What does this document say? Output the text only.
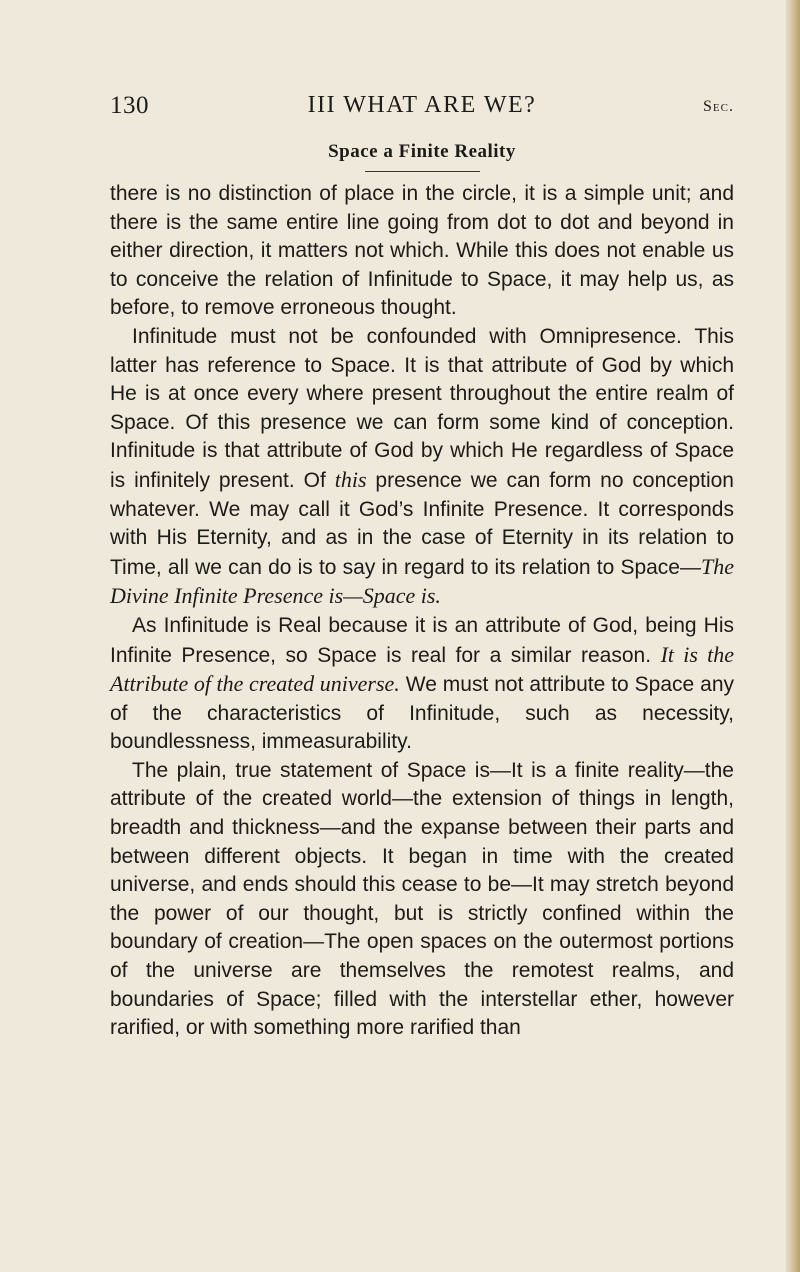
130	III WHAT ARE WE?	Sec.
Space a Finite Reality

there is no distinction of place in the circle, it is a simple unit; and there is the same entire line going from dot to dot and beyond in either direction, it matters not which. While this does not enable us to conceive the relation of Infinitude to Space, it may help us, as before, to remove erroneous thought.

Infinitude must not be confounded with Omnipresence. This latter has reference to Space. It is that attribute of God by which He is at once every where present throughout the entire realm of Space. Of this presence we can form some kind of conception. Infinitude is that attribute of God by which He regardless of Space is infinitely present. Of this presence we can form no conception whatever. We may call it God’s Infinite Presence. It corresponds with His Eternity, and as in the case of Eternity in its relation to Time, all we can do is to say in regard to its relation to Space—The Divine Infinite Presence is—Space is.

As Infinitude is Real because it is an attribute of God, being His Infinite Presence, so Space is real for a similar reason. It is the Attribute of the created universe. We must not attribute to Space any of the characteristics of Infinitude, such as necessity, boundlessness, immeasurability.

The plain, true statement of Space is—It is a finite reality—the attribute of the created world—the extension of things in length, breadth and thickness—and the expanse between their parts and between different objects. It began in time with the created universe, and ends should this cease to be—It may stretch beyond the power of our thought, but is strictly confined within the boundary of creation—The open spaces on the outermost portions of the universe are themselves the remotest realms, and boundaries of Space; filled with the interstellar ether, however rarified, or with something more rarified than
